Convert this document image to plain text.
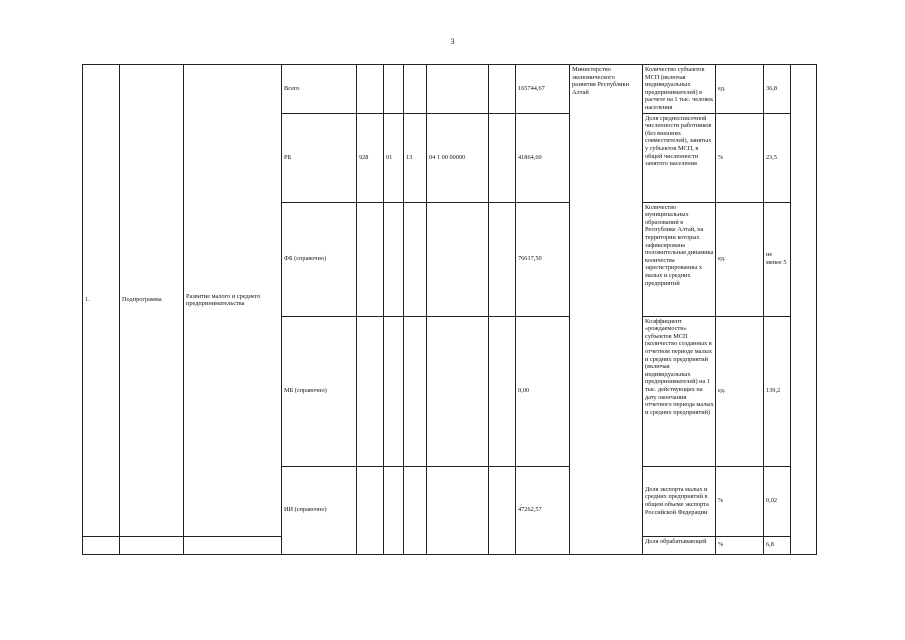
3
1.	Подпрограмма	Развитие малого и среднего предпринимательства	Всего						165744,67	Министерство экономического развития Республики Алтай	Количество субъектов МСП (включая индивидуальных предпринимателей) в расчете на 1 тыс. человек населения	ед.	36,8	
			РБ	928	01	13	04 1 00 00000		41864,60		Доля среднесписочной численности работников (без внешних совместителей), занятых у субъектов МСП, в общей численности занятого населения	%	23,5	
			ФБ (справочно)						76617,50		Количество муниципальных образований в Республике Алтай, на территории которых зафиксирована положительная динамика количества зарегистрированны х малых и средних предприятий	ед.	не менее 5	
			МБ (справочно)						0,00		Коэффициент «рождаемости» субъектов МСП (количество созданных в отчетном периоде малых и средних предприятий (включая индивидуальных предпринимателей) на 1 тыс. действующих на дату окончания отчетного периода малых и средних предприятий)	ед.	139,2	
			ИИ (справочно)						47262,57		Доля экспорта малых и средних предприятий в общем объеме экспорта Российской Федерации	%	0,02	
											Доля обрабатывающей	%	6,8	
